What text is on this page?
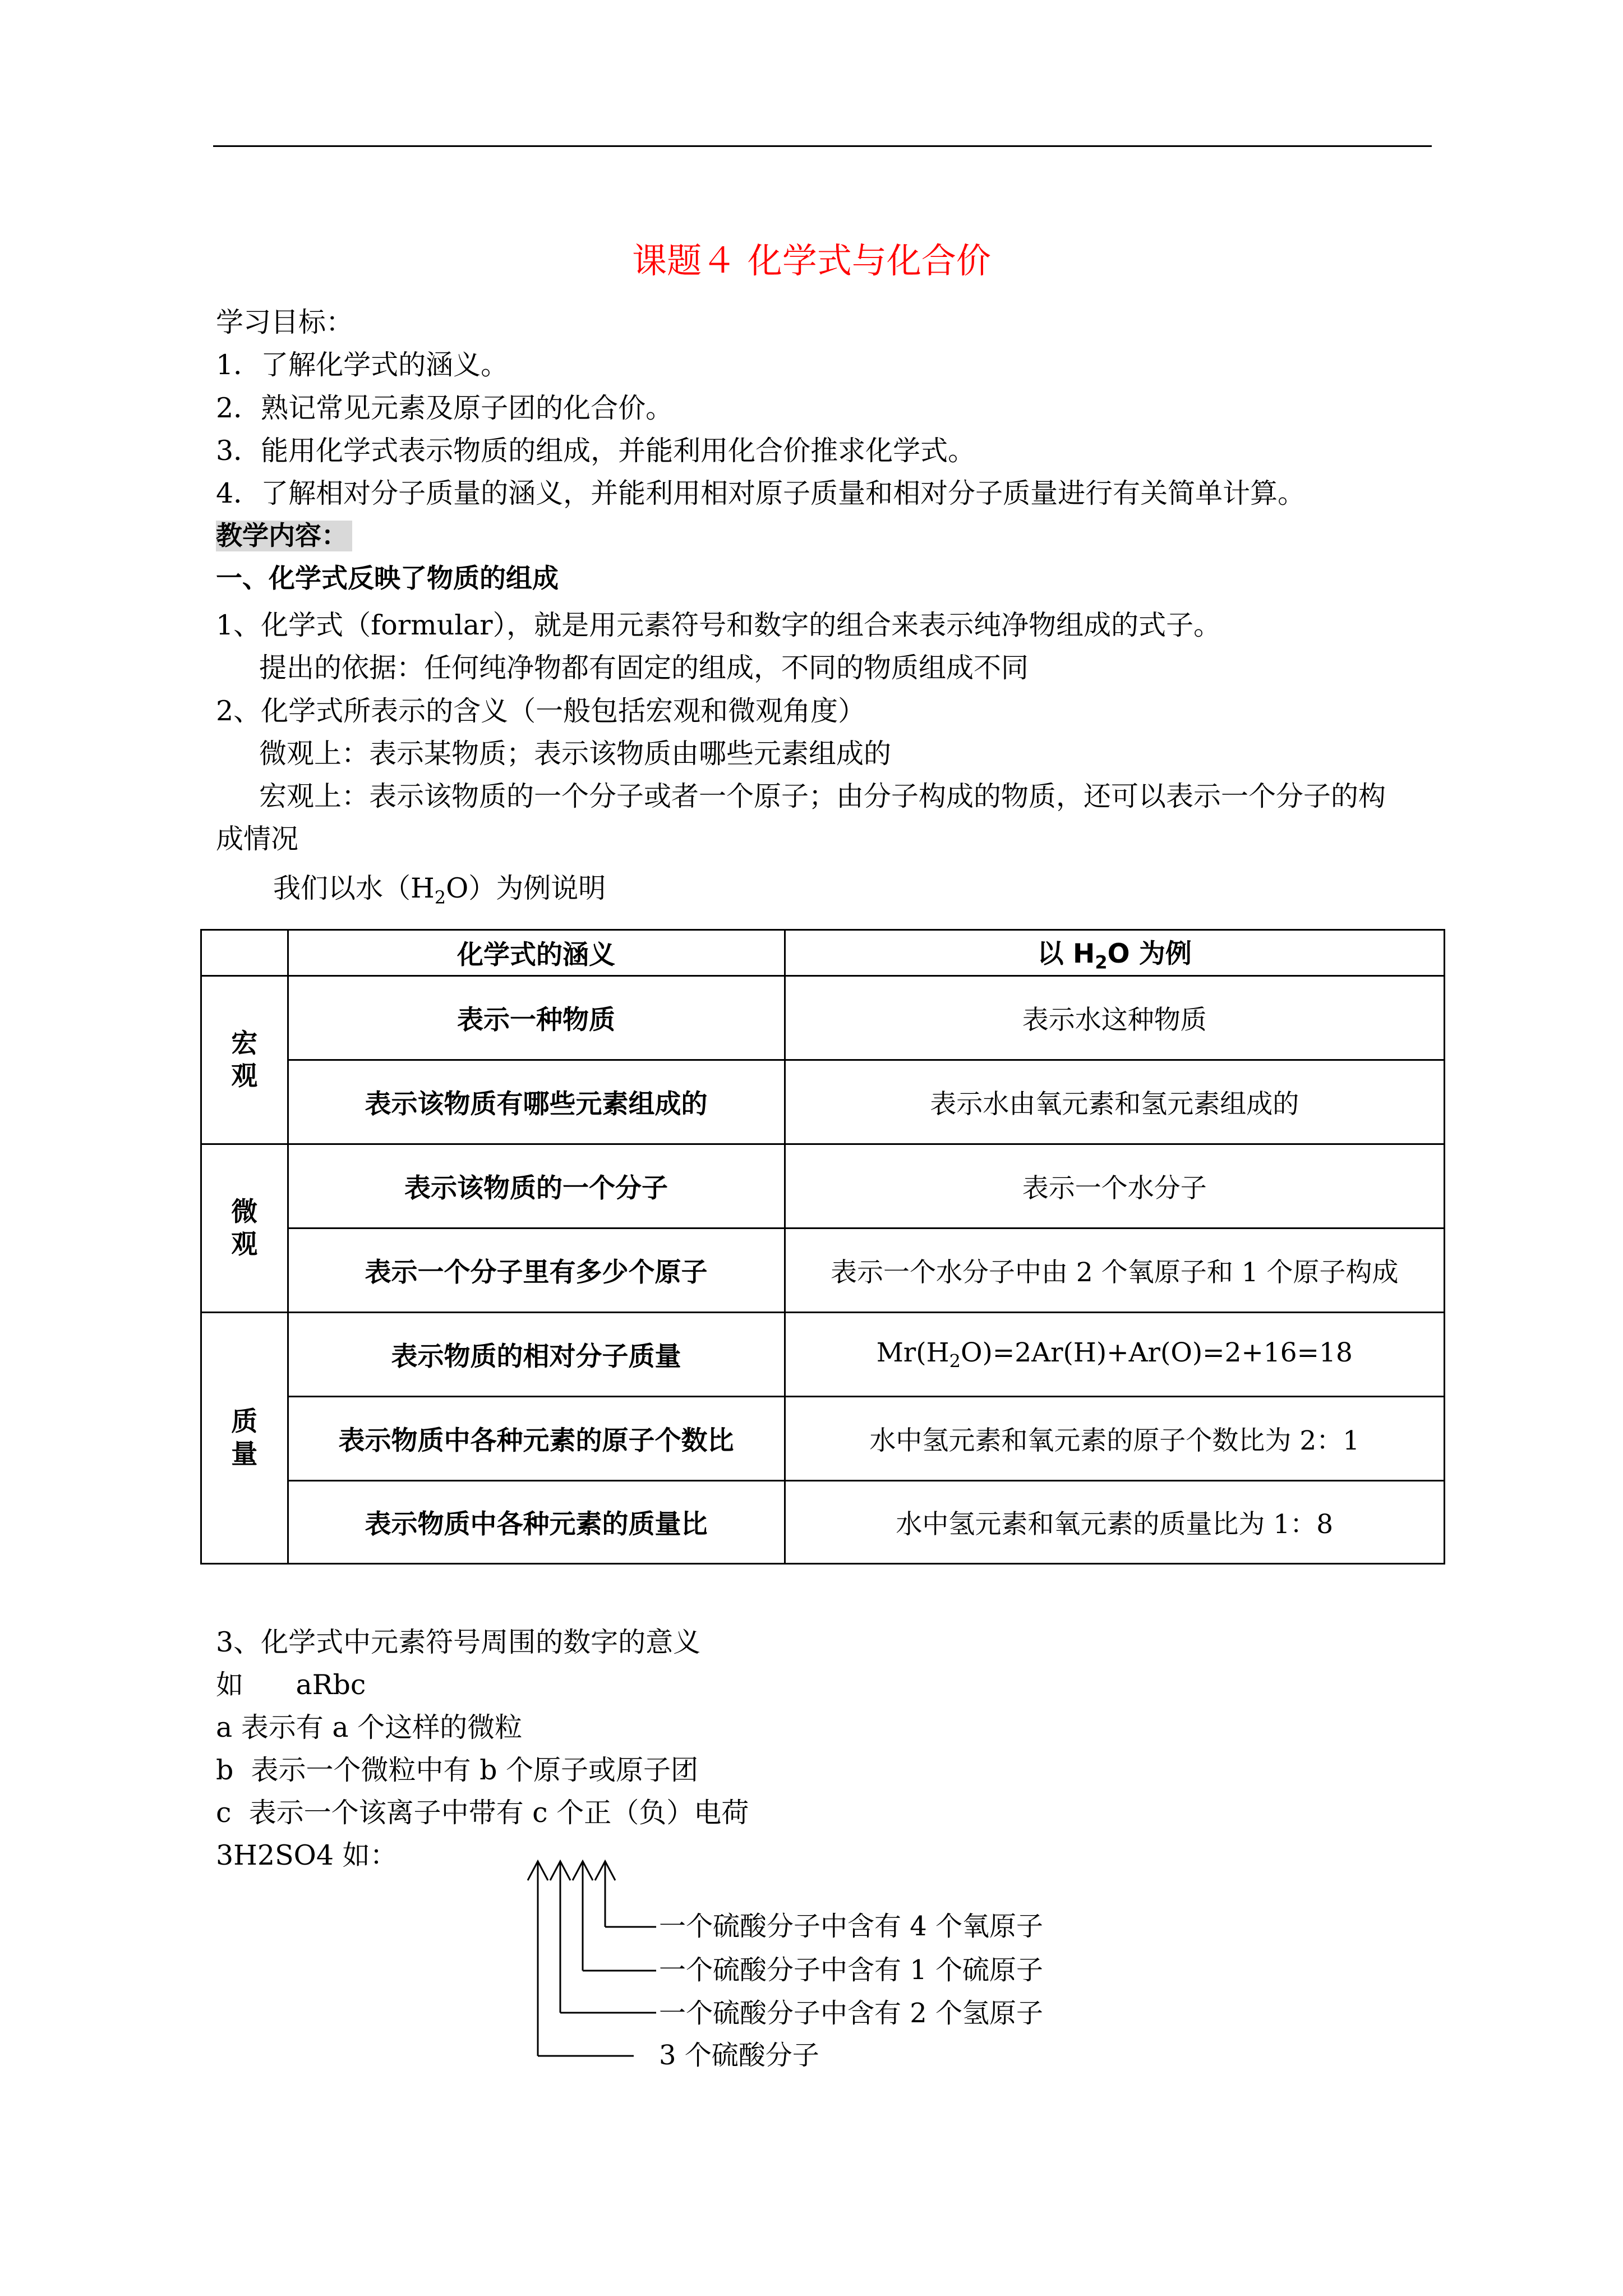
课题４ 化学式与化合价
学习目标：
1．了解化学式的涵义。
2．熟记常见元素及原子团的化合价。
3．能用化学式表示物质的组成，并能利用化合价推求化学式。
4．了解相对分子质量的涵义，并能利用相对原子质量和相对分子质量进行有关简单计算。
教学内容：
一、化学式反映了物质的组成
1、化学式（formular），就是用元素符号和数字的组合来表示纯净物组成的式子。
提出的依据：任何纯净物都有固定的组成，不同的物质组成不同
2、化学式所表示的含义（一般包括宏观和微观角度）
微观上：表示某物质；表示该物质由哪些元素组成的
宏观上：表示该物质的一个分子或者一个原子；由分子构成的物质，还可以表示一个分子的构
成情况
我们以水$(H_2O)$为例说明
	化学式的涵义	以 $H_2O$ 为例

宏
观	表示一种物质	表示水这种物质
	表示该物质有哪些元素组成的	表示水由氧元素和氢元素组成的

微
观	表示该物质的一个分子	表示一个水分子
	表示一个分子里有多少个原子	表示一个水分子中由 2 个氧原子和 1 个原子构成

质
量	表示物质的相对分子质量	$Mr(H_2O)=2Ar(H)+Ar(O)=2+16=18$
	表示物质中各种元素的原子个数比	水中氢元素和氧元素的原子个数比为 2：1
	表示物质中各种元素的质量比	水中氢元素和氧元素的质量比为 1：8
3、化学式中元素符号周围的数字的意义
如      aRbc
a 表示有 a 个这样的微粒
b  表示一个微粒中有 b 个原子或原子团
c  表示一个该离子中带有 c 个正（负）电荷
3H2SO4 如：
一个硫酸分子中含有 4 个氧原子
一个硫酸分子中含有 1 个硫原子
一个硫酸分子中含有 2 个氢原子
3 个硫酸分子
